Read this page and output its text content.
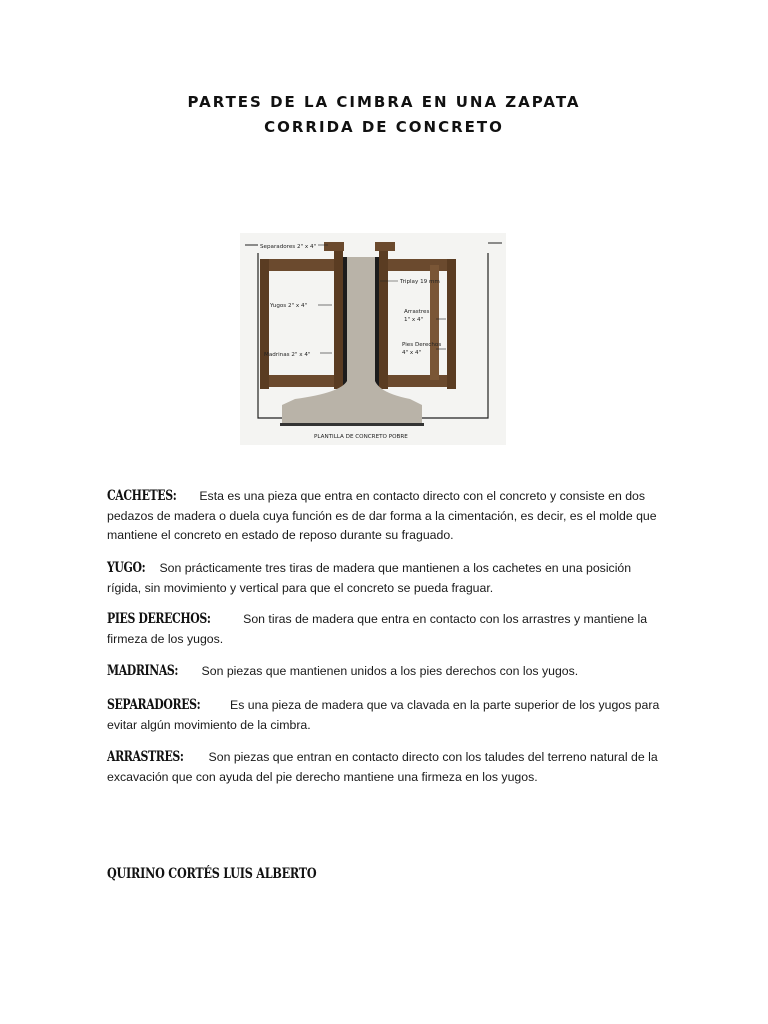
PARTES DE LA CIMBRA EN UNA ZAPATA
CORRIDA DE CONCRETO
Separadores 2" x 4"
Yugos 2" x 4"
Madrinas 2" x 4"
Triplay 19 mm
Arrastres
1" x 4"
Pies Derechos
4" x 4"
PLANTILLA DE CONCRETO POBRE
CACHETES: Esta es una pieza que entra en contacto directo con el concreto y consiste en dos pedazos de madera o duela cuya función es de dar forma a la cimentación, es decir, es el molde que mantiene el concreto en estado de reposo durante su fraguado.
YUGO: Son prácticamente tres tiras de madera que mantienen a los cachetes en una posición rígida, sin movimiento y vertical para que el concreto se pueda fraguar.
PIES DERECHOS:	Son tiras de madera que entra en contacto con los arrastres y mantiene la firmeza de los yugos.
MADRINAS: Son piezas que mantienen unidos a los pies derechos con los yugos.
SEPARADORES: Es una pieza de madera que va clavada en la parte superior de los yugos para evitar algún movimiento de la cimbra.
ARRASTRES: Son piezas que entran en contacto directo con los taludes del terreno natural de la excavación que con ayuda del pie derecho mantiene una firmeza en los yugos.
QUIRINO CORTÉS LUIS ALBERTO
